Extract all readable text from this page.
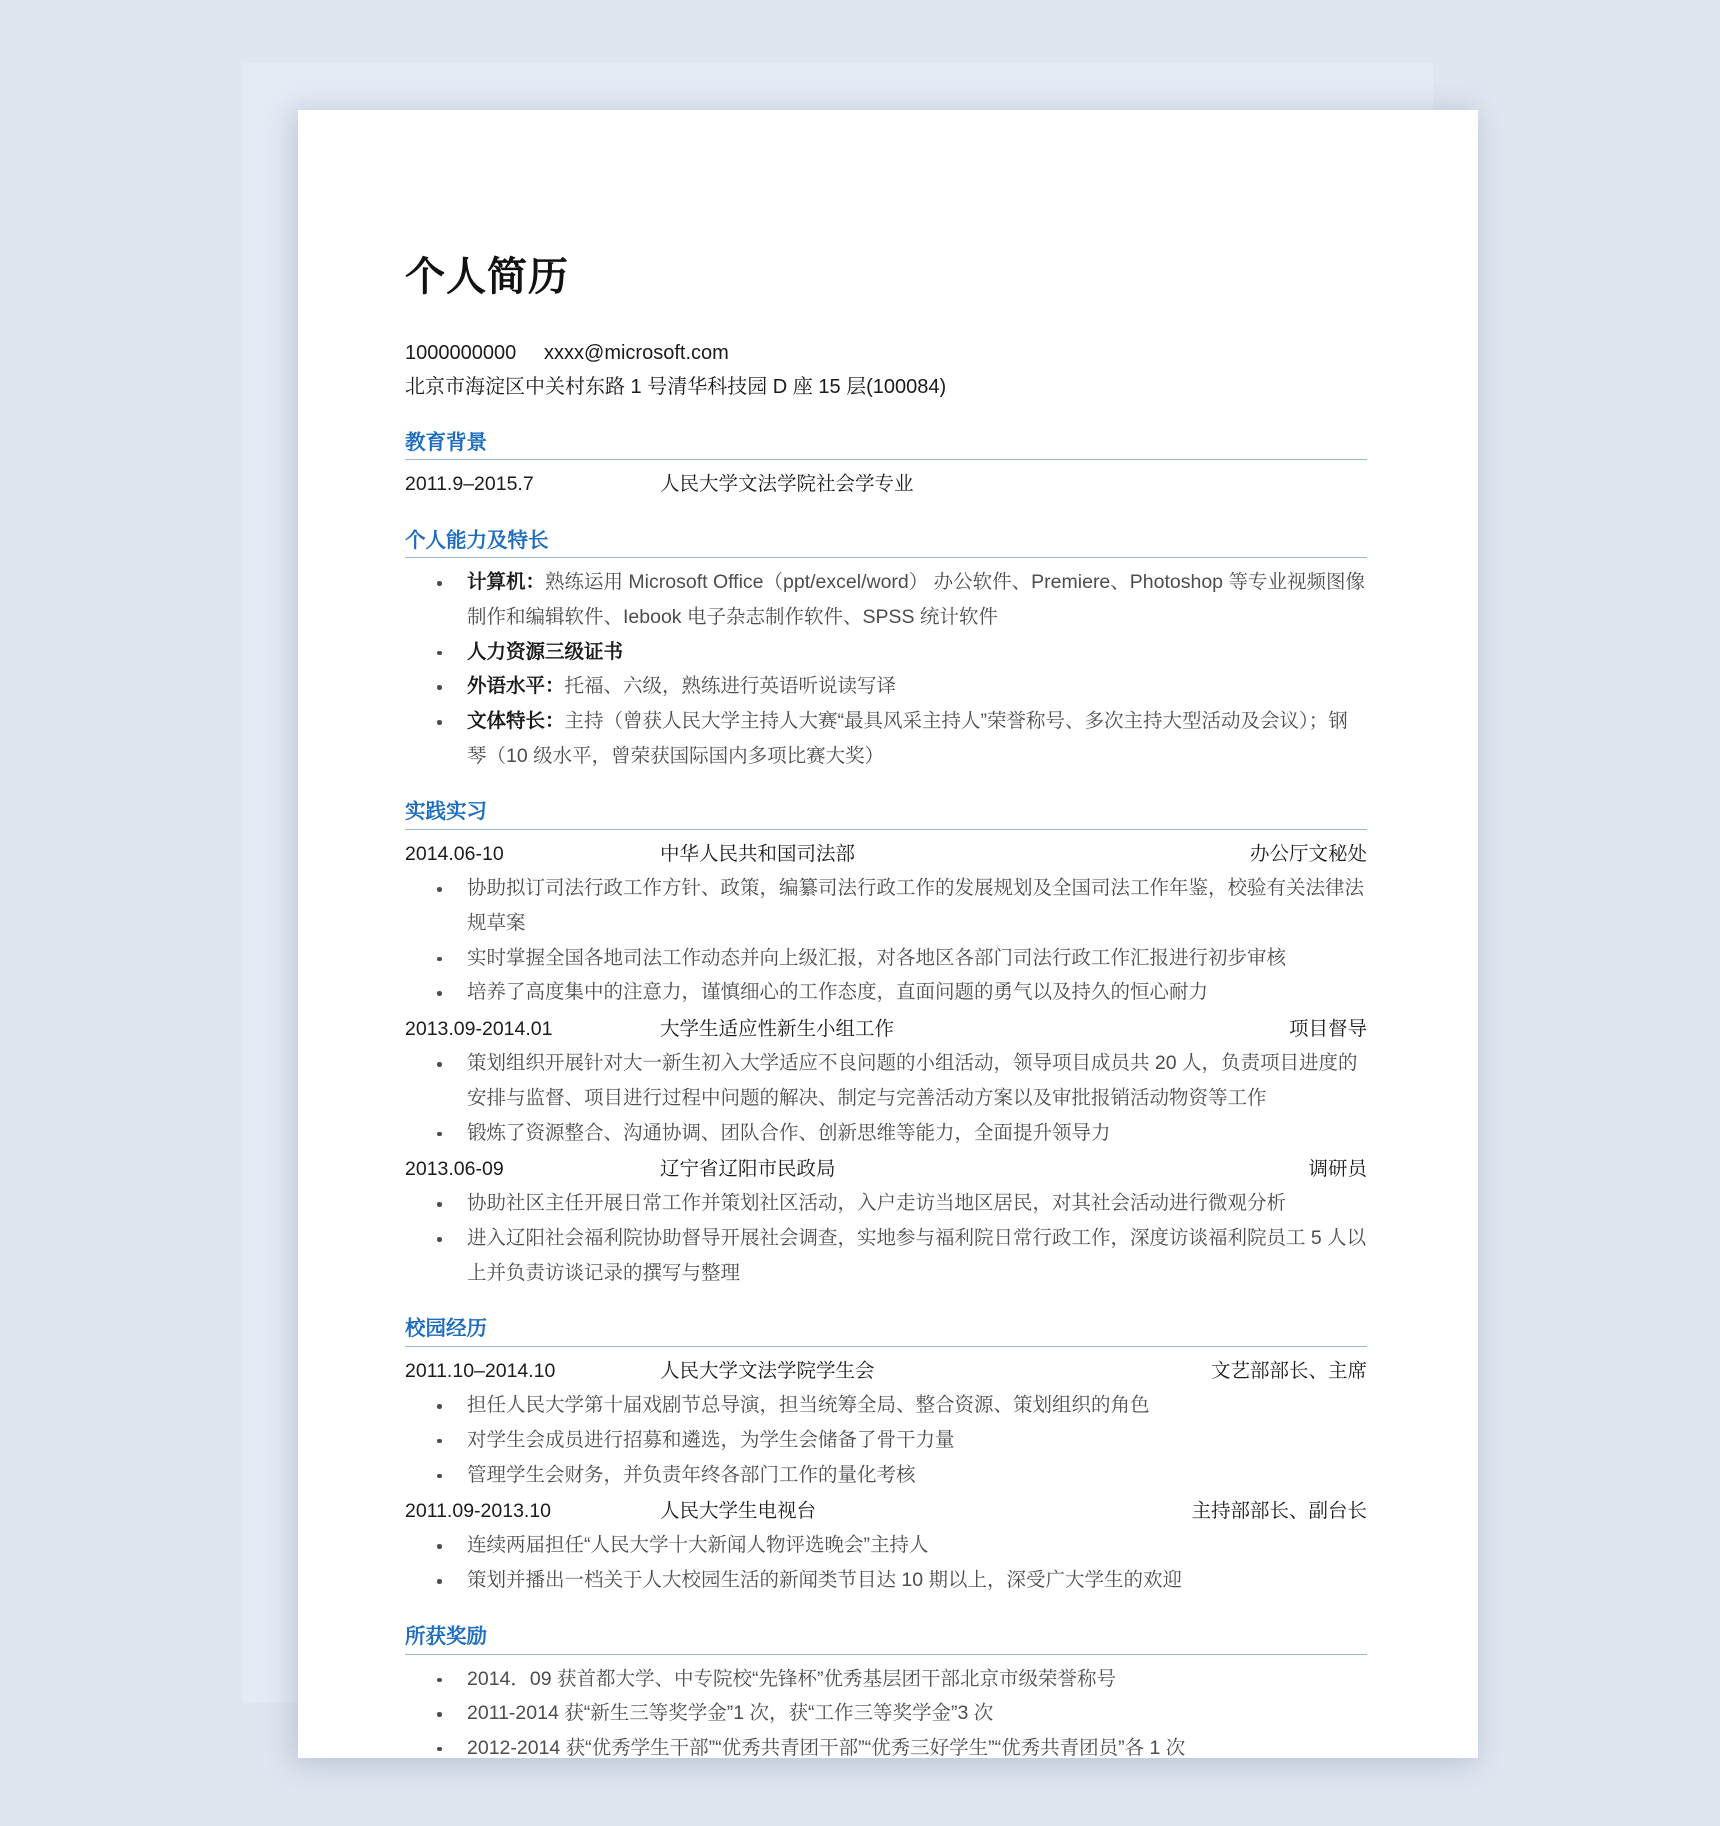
个人简历
1000000000     xxxx@microsoft.com
北京市海淀区中关村东路 1 号清华科技园 D 座 15 层(100084)
教育背景
2011.9–2015.7	人民大学文法学院社会学专业
个人能力及特长
计算机：熟练运用 Microsoft Office（ppt/excel/word） 办公软件、Premiere、Photoshop 等专业视频图像制作和编辑软件、Iebook 电子杂志制作软件、SPSS 统计软件
人力资源三级证书
外语水平：托福、六级，熟练进行英语听说读写译
文体特长：主持（曾获人民大学主持人大赛“最具风采主持人”荣誉称号、多次主持大型活动及会议）；钢琴（10 级水平，曾荣获国际国内多项比赛大奖）
实践实习
2014.06-10	中华人民共和国司法部	办公厅文秘处
协助拟订司法行政工作方针、政策，编纂司法行政工作的发展规划及全国司法工作年鉴，校验有关法律法规草案
实时掌握全国各地司法工作动态并向上级汇报，对各地区各部门司法行政工作汇报进行初步审核
培养了高度集中的注意力，谨慎细心的工作态度，直面问题的勇气以及持久的恒心耐力
2013.09-2014.01	大学生适应性新生小组工作	项目督导
策划组织开展针对大一新生初入大学适应不良问题的小组活动，领导项目成员共 20 人，负责项目进度的安排与监督、项目进行过程中问题的解决、制定与完善活动方案以及审批报销活动物资等工作
锻炼了资源整合、沟通协调、团队合作、创新思维等能力，全面提升领导力
2013.06-09	辽宁省辽阳市民政局	调研员
协助社区主任开展日常工作并策划社区活动，入户走访当地区居民，对其社会活动进行微观分析
进入辽阳社会福利院协助督导开展社会调查，实地参与福利院日常行政工作，深度访谈福利院员工 5 人以上并负责访谈记录的撰写与整理
校园经历
2011.10–2014.10	人民大学文法学院学生会	文艺部部长、主席
担任人民大学第十届戏剧节总导演，担当统筹全局、整合资源、策划组织的角色
对学生会成员进行招募和遴选，为学生会储备了骨干力量
管理学生会财务，并负责年终各部门工作的量化考核
2011.09-2013.10	人民大学生电视台	主持部部长、副台长
连续两届担任“人民大学十大新闻人物评选晚会”主持人
策划并播出一档关于人大校园生活的新闻类节目达 10 期以上，深受广大学生的欢迎
所获奖励
2014．09 获首都大学、中专院校“先锋杯”优秀基层团干部北京市级荣誉称号
2011-2014 获“新生三等奖学金”1 次，获“工作三等奖学金”3 次
2012-2014 获“优秀学生干部”“优秀共青团干部”“优秀三好学生”“优秀共青团员”各 1 次
